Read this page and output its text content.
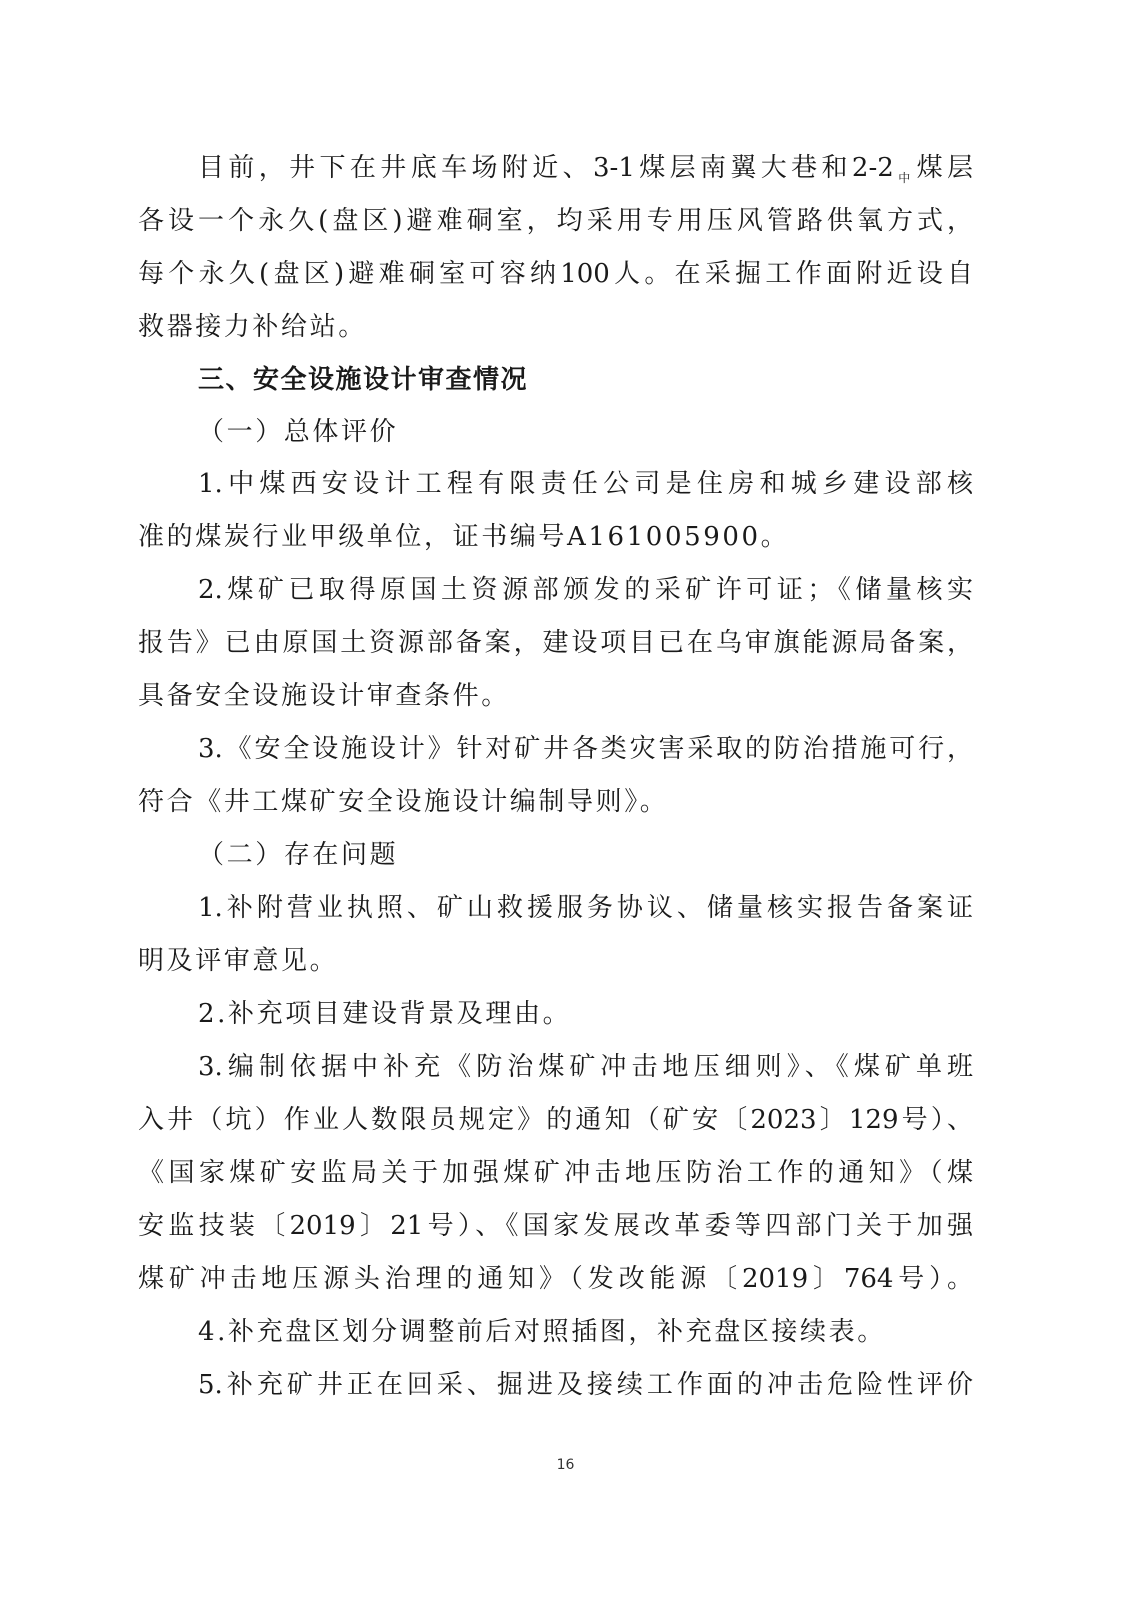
目前，井下在井底车场附近、3-1煤层南翼大巷和$2-2_中$煤层
各设一个永久(盘区)避难硐室，均采用专用压风管路供氧方式，
每个永久(盘区)避难硐室可容纳100人。在采掘工作面附近设自
救器接力补给站。
三、安全设施设计审查情况
（一）总体评价
1.中煤西安设计工程有限责任公司是住房和城乡建设部核
准的煤炭行业甲级单位，证书编号A161005900。
2.煤矿已取得原国土资源部颁发的采矿许可证；《储量核实
报告》已由原国土资源部备案，建设项目已在乌审旗能源局备案，
具备安全设施设计审查条件。
3.《安全设施设计》针对矿井各类灾害采取的防治措施可行，
符合《井工煤矿安全设施设计编制导则》。
（二）存在问题
1.补附营业执照、矿山救援服务协议、储量核实报告备案证
明及评审意见。
2.补充项目建设背景及理由。
3.编制依据中补充《防治煤矿冲击地压细则》、《煤矿单班
入井（坑）作业人数限员规定》的通知（矿安〔2023〕129号）、
《国家煤矿安监局关于加强煤矿冲击地压防治工作的通知》（煤
安监技装〔2019〕21号）、《国家发展改革委等四部门关于加强
煤矿冲击地压源头治理的通知》（发改能源〔2019〕764号）。
4.补充盘区划分调整前后对照插图，补充盘区接续表。
5.补充矿井正在回采、掘进及接续工作面的冲击危险性评价
16
